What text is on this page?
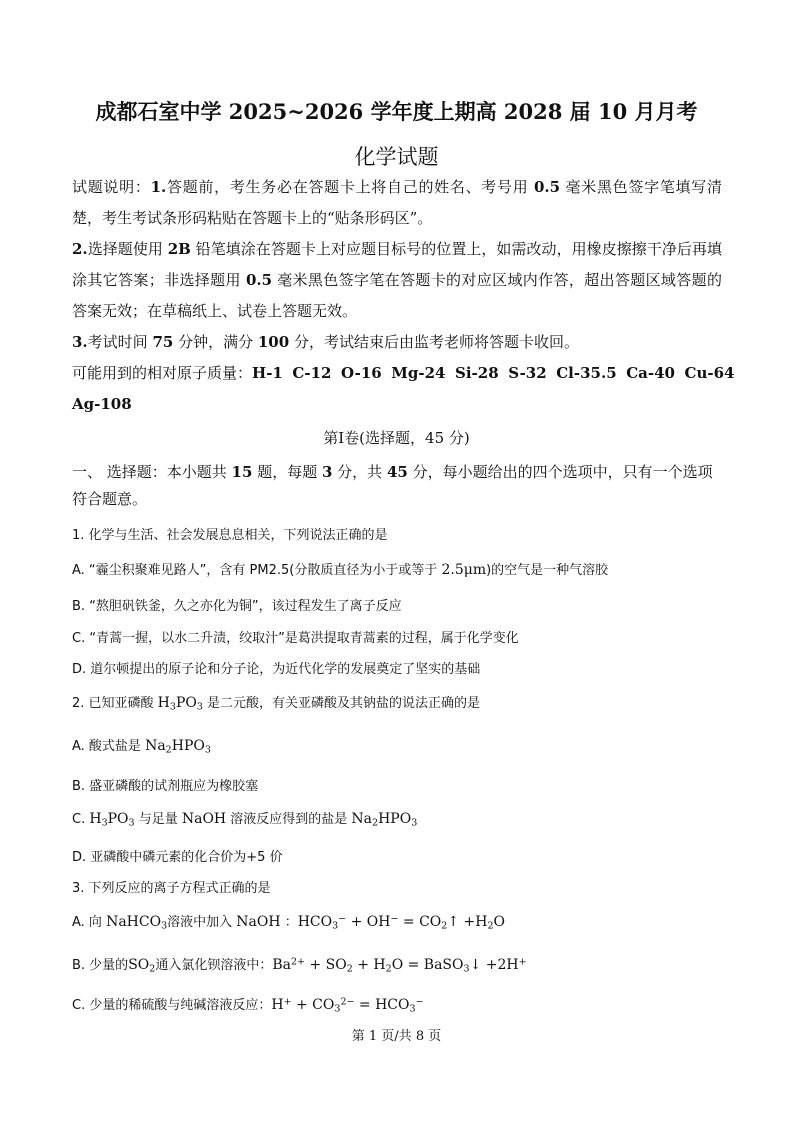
成都石室中学 2025~2026 学年度上期高 2028 届 10 月月考
化学试题

试题说明：1.答题前，考生务必在答题卡上将自己的姓名、考号用 0.5 毫米黑色签字笔填写清楚，考生考试条形码粘贴在答题卡上的“贴条形码区”。

2.选择题使用 2B 铅笔填涂在答题卡上对应题目标号的位置上，如需改动，用橡皮擦擦干净后再填涂其它答案；非选择题用 0.5 毫米黑色签字笔在答题卡的对应区域内作答，超出答题区域答题的答案无效；在草稿纸上、试卷上答题无效。

3.考试时间 75 分钟，满分 100 分，考试结束后由监考老师将答题卡收回。

可能用到的相对原子质量：H-1 C-12 O-16 Mg-24 Si-28 S-32 Cl-35.5 Ca-40 Cu-64

Ag-108

第Ⅰ卷(选择题，45 分)
一、 选择题：本小题共 15 题，每题 3 分，共 45 分，每小题给出的四个选项中，只有一个选项符合题意。
1. 化学与生活、社会发展息息相关，下列说法正确的是
A. “霾尘积聚难见路人”，含有 PM2.5(分散质直径为小于或等于 2.5μm)的空气是一种气溶胶
B. “熬胆矾铁釜，久之亦化为铜”，该过程发生了离子反应
C. “青蒿一握，以水二升渍，绞取汁”是葛洪提取青蒿素的过程，属于化学变化
D. 道尔顿提出的原子论和分子论，为近代化学的发展奠定了坚实的基础
2. 已知亚磷酸 $H_3PO_3$ 是二元酸，有关亚磷酸及其钠盐的说法正确的是
A. 酸式盐是 $Na_2HPO_3$
B. 盛亚磷酸的试剂瓶应为橡胶塞
C. $H_3PO_3$ 与足量 NaOH 溶液反应得到的盐是 $Na_2HPO_3$
D. 亚磷酸中磷元素的化合价为+5 价
3. 下列反应的离子方程式正确的是
A. 向 NaHCO$_3$溶液中加入 NaOH ：$HCO_3^- + OH^-$ = $CO_2↑ +H_2O$
B. 少量的$SO_2$通入氯化钡溶液中：$Ba^{2+} + SO_2 + H_2O$ = BaSO$_3$↓ +2H+
C. 少量的稀硫酸与纯碱溶液反应：$H^+ + CO_3^{2-} = HCO_3^-$
第 1 页/共 8 页
